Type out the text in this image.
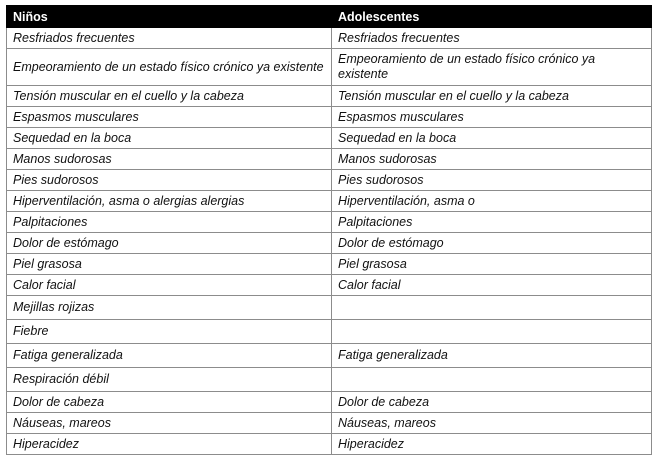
Niños	Adolescentes

Resfriados frecuentes	Resfriados frecuentes

Empeoramiento de un estado físico crónico ya existente	Empeoramiento de un estado físico crónico ya existente

Tensión muscular en el cuello y la cabeza	Tensión muscular en el cuello y la cabeza

Espasmos musculares	Espasmos musculares

Sequedad en la boca	Sequedad en la boca

Manos sudorosas	Manos sudorosas

Pies sudorosos	Pies sudorosos

Hiperventilación, asma o alergias alergias	Hiperventilación, asma o

Palpitaciones	Palpitaciones

Dolor de estómago	Dolor de estómago

Piel grasosa	Piel grasosa

Calor facial	Calor facial

Mejillas rojizas	

Fiebre	

Fatiga generalizada	Fatiga generalizada

Respiración débil	

Dolor de cabeza	Dolor de cabeza

Náuseas, mareos	Náuseas, mareos

Hiperacidez	Hiperacidez
